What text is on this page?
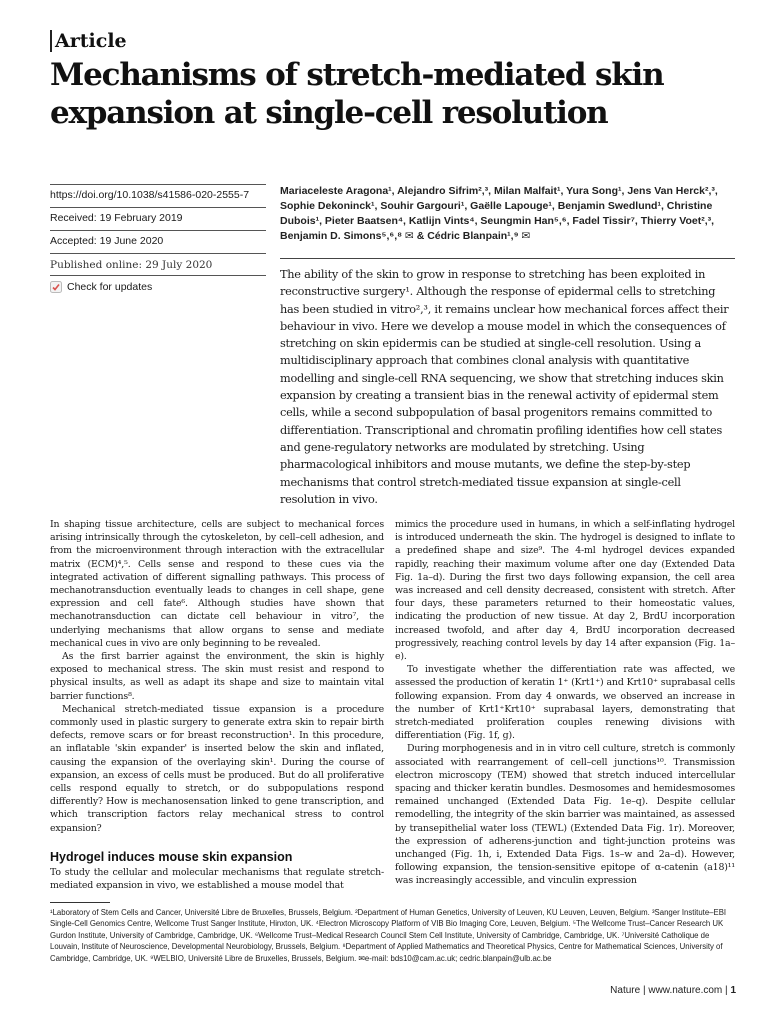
Article
Mechanisms of stretch-mediated skin expansion at single-cell resolution
https://doi.org/10.1038/s41586-020-2555-7
Received: 19 February 2019
Accepted: 19 June 2020
Published online: 29 July 2020
Check for updates

Mariaceleste Aragona¹, Alejandro Sifrim²,³, Milan Malfait¹, Yura Song¹, Jens Van Herck²,³, Sophie Dekoninck¹, Souhir Gargouri¹, Gaëlle Lapouge¹, Benjamin Swedlund¹, Christine Dubois¹, Pieter Baatsen⁴, Katlijn Vints⁴, Seungmin Han⁵,⁶, Fadel Tissir⁷, Thierry Voet²,³, Benjamin D. Simons⁵,⁶,⁸ ✉ & Cédric Blanpain¹,⁹ ✉

The ability of the skin to grow in response to stretching has been exploited in reconstructive surgery¹. Although the response of epidermal cells to stretching has been studied in vitro²,³, it remains unclear how mechanical forces affect their behaviour in vivo. Here we develop a mouse model in which the consequences of stretching on skin epidermis can be studied at single-cell resolution. Using a multidisciplinary approach that combines clonal analysis with quantitative modelling and single-cell RNA sequencing, we show that stretching induces skin expansion by creating a transient bias in the renewal activity of epidermal stem cells, while a second subpopulation of basal progenitors remains committed to differentiation. Transcriptional and chromatin profiling identifies how cell states and gene-regulatory networks are modulated by stretching. Using pharmacological inhibitors and mouse mutants, we define the step-by-step mechanisms that control stretch-mediated tissue expansion at single-cell resolution in vivo.

In shaping tissue architecture, cells are subject to mechanical forces arising intrinsically through the cytoskeleton, by cell–cell adhesion, and from the microenvironment through interaction with the extracellular matrix (ECM)⁴,⁵. Cells sense and respond to these cues via the integrated activation of different signalling pathways. This process of mechanotransduction eventually leads to changes in cell shape, gene expression and cell fate⁶. Although studies have shown that mechanotransduction can dictate cell behaviour in vitro⁷, the underlying mechanisms that allow organs to sense and mediate mechanical cues in vivo are only beginning to be revealed.

As the first barrier against the environment, the skin is highly exposed to mechanical stress. The skin must resist and respond to physical insults, as well as adapt its shape and size to maintain vital barrier functions⁸.

Mechanical stretch-mediated tissue expansion is a procedure commonly used in plastic surgery to generate extra skin to repair birth defects, remove scars or for breast reconstruction¹. In this procedure, an inflatable 'skin expander' is inserted below the skin and inflated, causing the expansion of the overlaying skin¹. During the course of expansion, an excess of cells must be produced. But do all proliferative cells respond equally to stretch, or do subpopulations respond differently? How is mechanosensation linked to gene transcription, and which transcription factors relay mechanical stress to control expansion?

Hydrogel induces mouse skin expansion

To study the cellular and molecular mechanisms that regulate stretch-mediated expansion in vivo, we established a mouse model that

mimics the procedure used in humans, in which a self-inflating hydrogel is introduced underneath the skin. The hydrogel is designed to inflate to a predefined shape and size⁹. The 4-ml hydrogel devices expanded rapidly, reaching their maximum volume after one day (Extended Data Fig. 1a–d). During the first two days following expansion, the cell area was increased and cell density decreased, consistent with stretch. After four days, these parameters returned to their homeostatic values, indicating the production of new tissue. At day 2, BrdU incorporation increased twofold, and after day 4, BrdU incorporation decreased progressively, reaching control levels by day 14 after expansion (Fig. 1a–e).

To investigate whether the differentiation rate was affected, we assessed the production of keratin 1⁺ (Krt1⁺) and Krt10⁺ suprabasal cells following expansion. From day 4 onwards, we observed an increase in the number of Krt1⁺Krt10⁺ suprabasal layers, demonstrating that stretch-mediated proliferation couples renewing divisions with differentiation (Fig. 1f, g).

During morphogenesis and in in vitro cell culture, stretch is commonly associated with rearrangement of cell–cell junctions¹⁰. Transmission electron microscopy (TEM) showed that stretch induced intercellular spacing and thicker keratin bundles. Desmosomes and hemidesmosomes remained unchanged (Extended Data Fig. 1e–q). Despite cellular remodelling, the integrity of the skin barrier was maintained, as assessed by transepithelial water loss (TEWL) (Extended Data Fig. 1r). Moreover, the expression of adherens-junction and tight-junction proteins was unchanged (Fig. 1h, i, Extended Data Figs. 1s–w and 2a–d). However, following expansion, the tension-sensitive epitope of α-catenin (a18)¹¹ was increasingly accessible, and vinculin expression

¹Laboratory of Stem Cells and Cancer, Université Libre de Bruxelles, Brussels, Belgium. ²Department of Human Genetics, University of Leuven, KU Leuven, Leuven, Belgium. ³Sanger Institute–EBI Single-Cell Genomics Centre, Wellcome Trust Sanger Institute, Hinxton, UK. ⁴Electron Microscopy Platform of VIB Bio Imaging Core, Leuven, Belgium. ⁵The Wellcome Trust–Cancer Research UK Gurdon Institute, University of Cambridge, Cambridge, UK. ⁶Wellcome Trust–Medical Research Council Stem Cell Institute, University of Cambridge, Cambridge, UK. ⁷Université Catholique de Louvain, Institute of Neuroscience, Developmental Neurobiology, Brussels, Belgium. ⁸Department of Applied Mathematics and Theoretical Physics, Centre for Mathematical Sciences, University of Cambridge, Cambridge, UK. ⁹WELBIO, Université Libre de Bruxelles, Brussels, Belgium. ✉e-mail: bds10@cam.ac.uk; cedric.blanpain@ulb.ac.be

Nature | www.nature.com | 1
